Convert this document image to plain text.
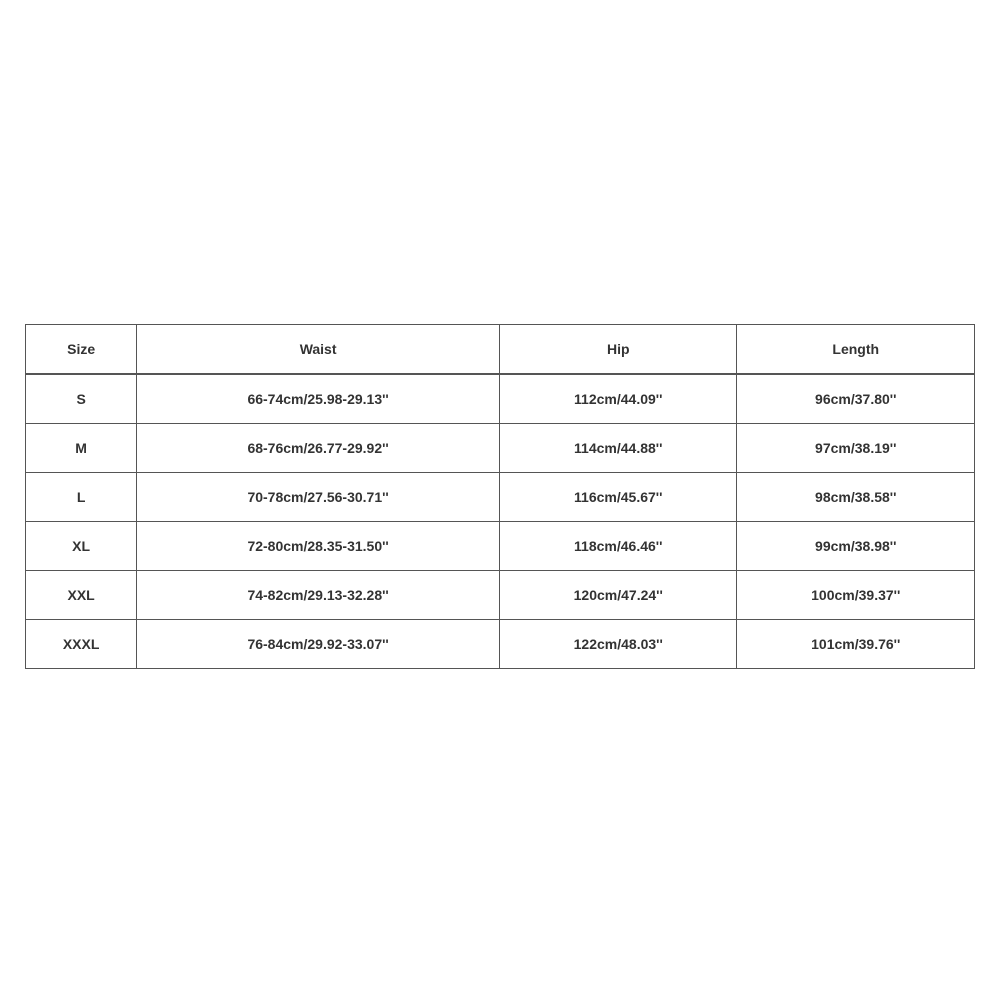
Size	Waist	Hip	Length
S	66-74cm/25.98-29.13''	112cm/44.09''	96cm/37.80''
M	68-76cm/26.77-29.92''	114cm/44.88''	97cm/38.19''
L	70-78cm/27.56-30.71''	116cm/45.67''	98cm/38.58''
XL	72-80cm/28.35-31.50''	118cm/46.46''	99cm/38.98''
XXL	74-82cm/29.13-32.28''	120cm/47.24''	100cm/39.37''
XXXL	76-84cm/29.92-33.07''	122cm/48.03''	101cm/39.76''
